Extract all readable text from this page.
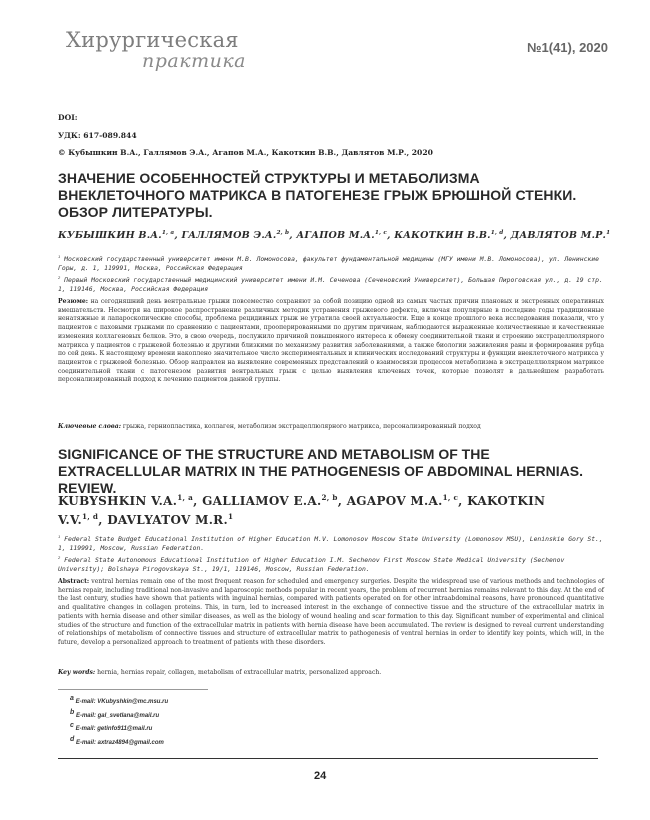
Хирургическая
практика
№1(41), 2020
DOI:
УДК: 617-089.844
© Кубышкин В.А., Галлямов Э.А., Агапов М.А., Какоткин В.В., Давлятов М.Р., 2020
ЗНАЧЕНИЕ ОСОБЕННОСТЕЙ СТРУКТУРЫ И МЕТАБОЛИЗМА
ВНЕКЛЕТОЧНОГО МАТРИКСА В ПАТОГЕНЕЗЕ ГРЫЖ БРЮШНОЙ СТЕНКИ.
ОБЗОР ЛИТЕРАТУРЫ.
КУБЫШКИН В.А.$^{1, a}$, ГАЛЛЯМОВ Э.А.$^{2, b}$, АГАПОВ М.А.$^{1, c}$, КАКОТКИН В.В.$^{1, d}$, ДАВЛЯТОВ М.Р.$^1$
$^1$ Московский государственный университет имени М.В. Ломоносова, факультет фундаментальной медицины (МГУ имени М.В. Ломоносова), ул. Ленинские Горы, д. 1, 119991, Москва, Российская Федерация
$^2$ Первый Московский государственный медицинский университет имени И.М. Сеченова (Сеченовский Университет), Большая Пироговская ул., д. 19 стр. 1, 119146, Москва, Российская Федерация
Резюме: на сегодняшний день вентральные грыжи повсеместно сохраняют за собой позицию одной из самых частых причин плановых и экстренных оперативных вмешательств. Несмотря на широкое распространение различных методик устранения грыжевого дефекта, включая популярные в последние годы традиционные ненатяжные и лапароскопические способы, проблема рецидивных грыж не утратила своей актуальности. Еще в конце прошлого века исследования показали, что у пациентов с паховыми грыжами по сравнению с пациентами, прооперированными по другим причинам, наблюдаются выраженные количественные и качественные изменения коллагеновых белков. Это, в свою очередь, послужило причиной повышенного интереса к обмену соединительной ткани и строению экстрацеллюлярного матрикса у пациентов с грыжевой болезнью и другими близкими по механизму развития заболеваниями, а также биологии заживления раны и формирования рубца по сей день. К настоящему времени накоплено значительное число экспериментальных и клинических исследований структуры и функции внеклеточного матрикса у пациентов с грыжевой болезнью. Обзор направлен на выявление современных представлений о взаимосвязи процессов метаболизма в экстрацеллюлярном матриксе соединительной ткани с патогенезом развития вентральных грыж с целью выявления ключевых точек, которые позволят в дальнейшем разработать персонализированный подход к лечению пациентов данной группы.
Ключевые слова: грыжа, герниопластика, коллаген, метаболизм экстрацеллюлярного матрикса, персонализированный подход
SIGNIFICANCE OF THE STRUCTURE AND METABOLISM OF THE
EXTRACELLULAR MATRIX IN THE PATHOGENESIS OF ABDOMINAL HERNIAS. REVIEW.
KUBYSHKIN V.A.$^{1, a}$, GALLIAMOV E.A.$^{2, b}$, AGAPOV M.A.$^{1, c}$, KAKOTKIN V.V.$^{1, d}$, DAVLYATOV M.R.$^1$
$^1$ Federal State Budget Educational Institution of Higher Education M.V. Lomonosov Moscow State University (Lomonosov MSU), Leninskie Gory St., 1, 119991, Moscow, Russian Federation.
$^2$ Federal State Autonomous Educational Institution of Higher Education I.M. Sechenov First Moscow State Medical University (Sechenov University); Bolshaya Pirogovskaya St., 19/1, 119146, Moscow, Russian Federation.
Abstract: ventral hernias remain one of the most frequent reason for scheduled and emergency surgeries. Despite the widespread use of various methods and technologies of hernias repair, including traditional non-invasive and laparoscopic methods popular in recent years, the problem of recurrent hernias remains relevant to this day. At the end of the last century, studies have shown that patients with inguinal hernias, compared with patients operated on for other intraabdominal reasons, have pronounced quantitative and qualitative changes in collagen proteins. This, in turn, led to increased interest in the exchange of connective tissue and the structure of the extracellular matrix in patients with hernia disease and other similar diseases, as well as the biology of wound healing and scar formation to this day. Significant number of experimental and clinical studies of the structure and function of the extracellular matrix in patients with hernia disease have been accumulated. The review is designed to reveal current understanding of relationships of metabolism of connective tissues and structure of extracellular matrix to pathogenesis of ventral hernias in order to identify key points, which will, in the future, develop a personalized approach to treatment of patients with these disorders.
Key words: hernia, hernias repair, collagen, metabolism of extracellular matrix, personalized approach.
$^a$ E-mail: VKubyshkin@mc.msu.ru
$^b$ E-mail: gal_svetlana@mail.ru
$^c$ E-mail: getinfo911@mail.ru
$^d$ E-mail: axtraz4894@gmail.com
24
